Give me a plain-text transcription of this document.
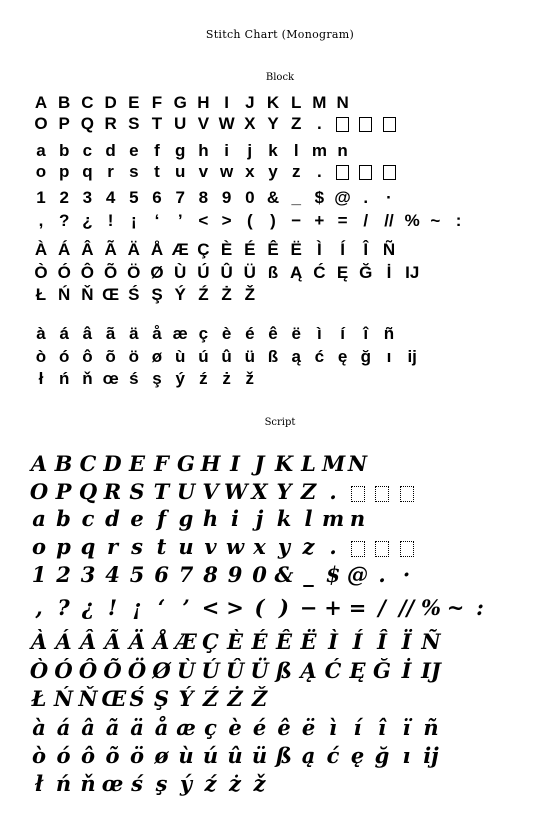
Stitch Chart (Monogram)
Block
A B C D E F G H I J K L M N
O P Q R S T U V W X Y Z .
a b c d e f g h i	j k l m n
o p q r s t u v w x y z .
1 2 3 4 5 6 7 8 9 0 & _ $ @ .	·
, ? ¿ !	¡	‘	’ < > (	) − + = / // % ~ :
À Á Â Ã Ä Å Æ Ç È É Ê Ë Ì	Í	Î Ñ
Ò Ó Ô Õ Ö Ø Ù Ú Û Ü ß Ą Ć Ę Ğ İ IJ
Ł Ń Ň Œ Ś Ş Ý Ź Ż Ž
à á â ã ä å æ ç è é ê ë ì	í	î ñ
ò ó ô õ ö ø ù ú û ü ß ą ć ę ğ ı ij
ł ń ň œ ś ş ý ź ż ž
Script
A B C D E F G H I J K L M N
O P Q R S T U V W X Y Z .
a b c d e f g h i j k l m n
o p q r s t u v w x y z .
1 2 3 4 5 6 7 8 9 0 & _ $ @ . ·
, ? ¿ ! ¡ ‘ ’ < > ( ) − + = / // % ~ :
À Á Â Ã Ä Å Æ Ç È É Ê Ë Ì Í Î Ï Ñ
Ò Ó Ô Õ Ö Ø Ù Ú Û Ü ß Ą Ć Ę Ğ İ IJ
Ł Ń Ň Œ Ś Ş Ý Ź Ż Ž
à á â ã ä å æ ç è é ê ë ì í î ï ñ
ò ó ô õ ö ø ù ú û ü ß ą ć ę ğ ı ij
ł ń ň œ ś ş ý ź ż ž
